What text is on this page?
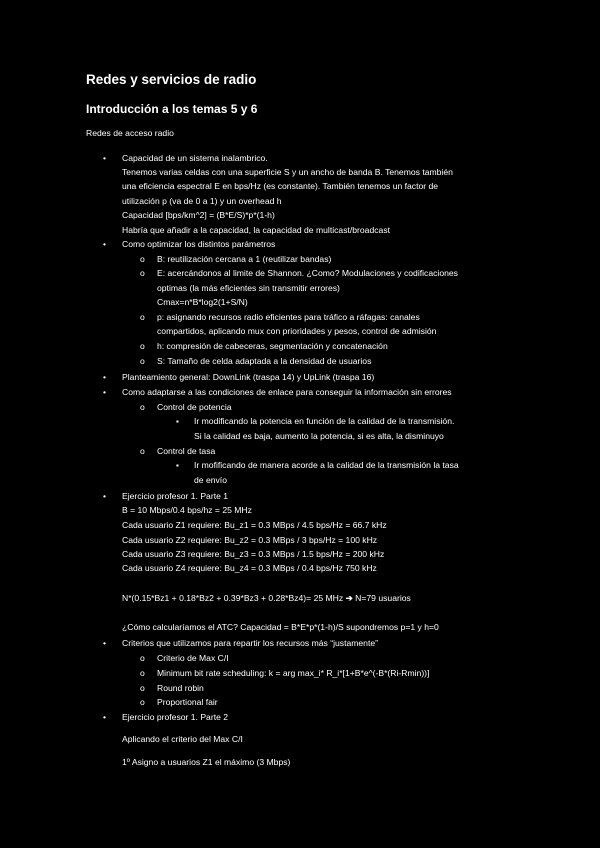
Redes y servicios de radio
Introducción a los temas 5 y 6
Redes de acceso radio
•
Capacidad de un sistema inalambrico.
Tenemos varias celdas con una superficie S y un ancho de banda B. Tenemos también
una eficiencia espectral E en bps/Hz (es constante). También tenemos un factor de
utilización p (va de 0 a 1) y un overhead h
Capacidad [bps/km^2] = (B*E/S)*p*(1-h)
Habría que añadir a la capacidad, la capacidad de multicast/broadcast
•
Como optimizar los distintos parámetros
o
B: reutilización cercana a 1 (reutilizar bandas)
o
E: acercándonos al limite de Shannon. ¿Como? Modulaciones y codificaciones
optimas (la más eficientes sin transmitir errores)
Cmax=n*B*log2(1+S/N)
o
p: asignando recursos radio eficientes para tráfico a ráfagas: canales
compartidos, aplicando mux con prioridades y pesos, control de admisión
o
h: compresión de cabeceras, segmentación y concatenación
o
S: Tamaño de celda adaptada a la densidad de usuarios
•
Planteamiento general: DownLink (traspa 14) y UpLink (traspa 16)
•
Como adaptarse a las condiciones de enlace para conseguir la información sin errores
o
Control de potencia
▪
Ir modificando la potencia en función de la calidad de la transmisión.
Si la calidad es baja, aumento la potencia, si es alta, la disminuyo
o
Control de tasa
▪
Ir mofificando de manera acorde a la calidad de la transmisión la tasa
de envío
•
Ejercicio profesor 1. Parte 1
B = 10 Mbps/0.4 bps/hz = 25 MHz
Cada usuario Z1 requiere: Bu_z1 = 0.3 MBps / 4.5 bps/Hz = 66.7 kHz
Cada usuario Z2 requiere: Bu_z2 = 0.3 MBps / 3 bps/Hz = 100 kHz
Cada usuario Z3 requiere: Bu_z3 = 0.3 MBps / 1.5 bps/Hz = 200 kHz
Cada usuario Z4 requiere: Bu_z4 = 0.3 MBps / 0.4 bps/Hz 750 kHz
N*(0.15*Bz1 + 0.18*Bz2 + 0.39*Bz3 + 0.28*Bz4)= 25 MHz ➔ N=79 usuarios
¿Cómo calcularíamos el ATC? Capacidad = B*E*p*(1-h)/S supondremos p=1 y h=0
•
Criterios que utilizamos para repartir los recursos más “justamente”
o
Criterio de Max C/I
o
Minimum bit rate scheduling: k = arg max_i* R_i*[1+B*e^(-B*(Ri-Rmin))]
o
Round robin
o
Proportional fair
•
Ejercicio profesor 1. Parte 2
Aplicando el criterio del Max C/I
1º Asigno a usuarios Z1 el máximo (3 Mbps)
